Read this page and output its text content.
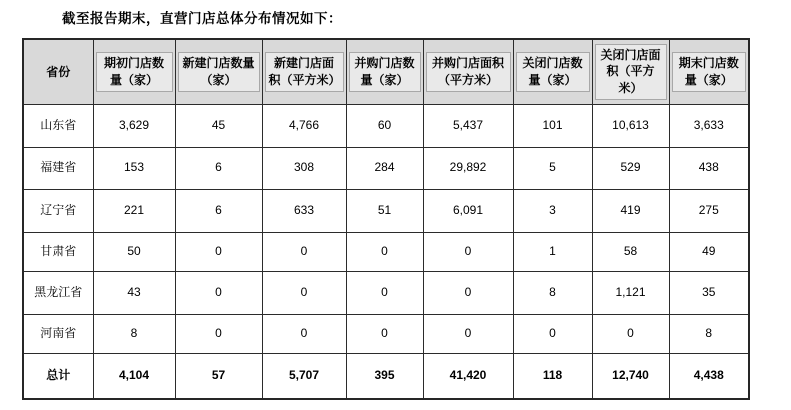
截至报告期末，直营门店总体分布情况如下：
省份	期初门店数量（家）	新建门店数量（家）	新建门店面积（平方米）	并购门店数量（家）	并购门店面积（平方米）	关闭门店数量（家）	关闭门店面积（平方米）	期末门店数量（家）
山东省	3,629	45	4,766	60	5,437	101	10,613	3,633
福建省	153	6	308	284	29,892	5	529	438
辽宁省	221	6	633	51	6,091	3	419	275
甘肃省	50	0	0	0	0	1	58	49
黑龙江省	43	0	0	0	0	8	1,121	35
河南省	8	0	0	0	0	0	0	8
总计	4,104	57	5,707	395	41,420	118	12,740	4,438
